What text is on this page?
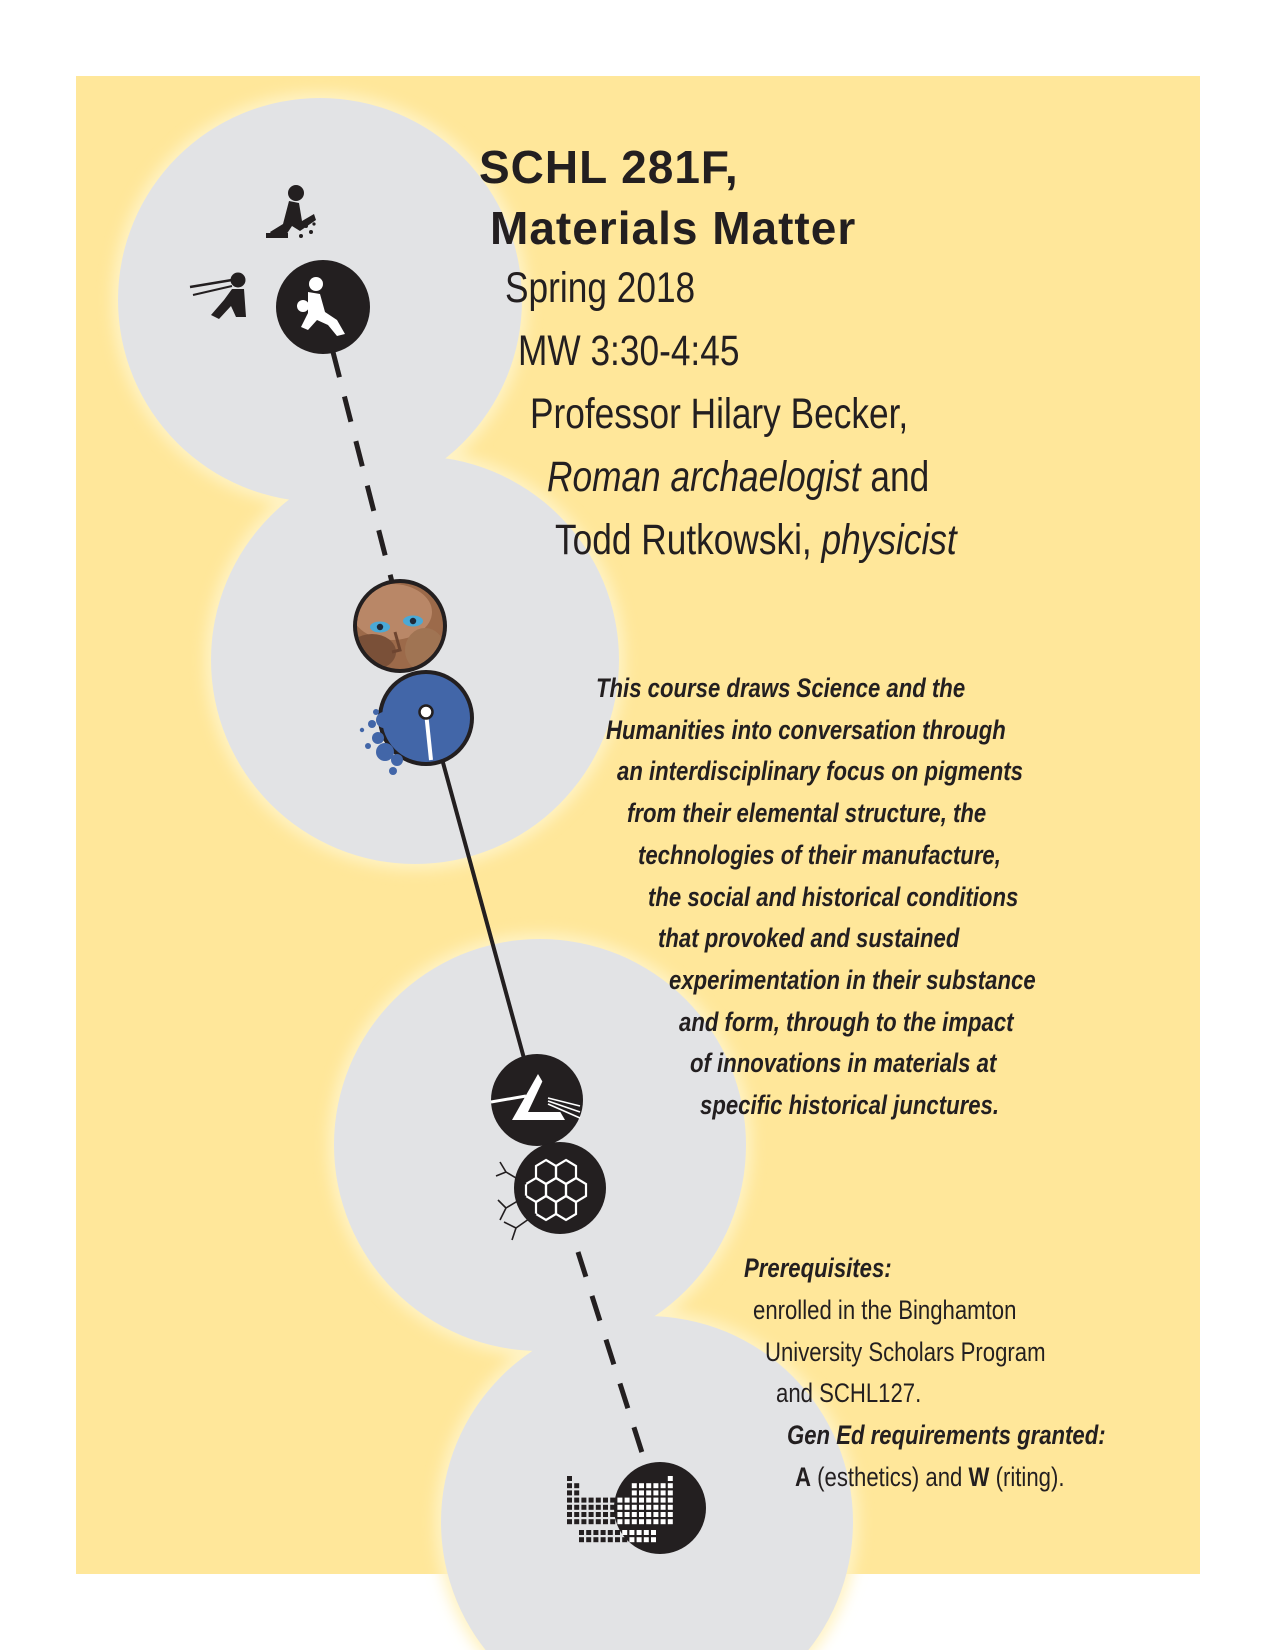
SCHL 281F,
Materials Matter
Spring 2018
MW 3:30-4:45
Professor Hilary Becker,
Roman archaelogist and
Todd Rutkowski, physicist
This course draws Science and the
Humanities into conversation through
an interdisciplinary focus on pigments
from their elemental structure, the
technologies of their manufacture,
the social and historical conditions
that provoked and sustained
experimentation in their substance
and form, through to the impact
of innovations in materials at
specific historical junctures.
Prerequisites:
enrolled in the Binghamton
University Scholars Program
and SCHL127.
Gen Ed requirements granted:
A (esthetics) and W (riting).
